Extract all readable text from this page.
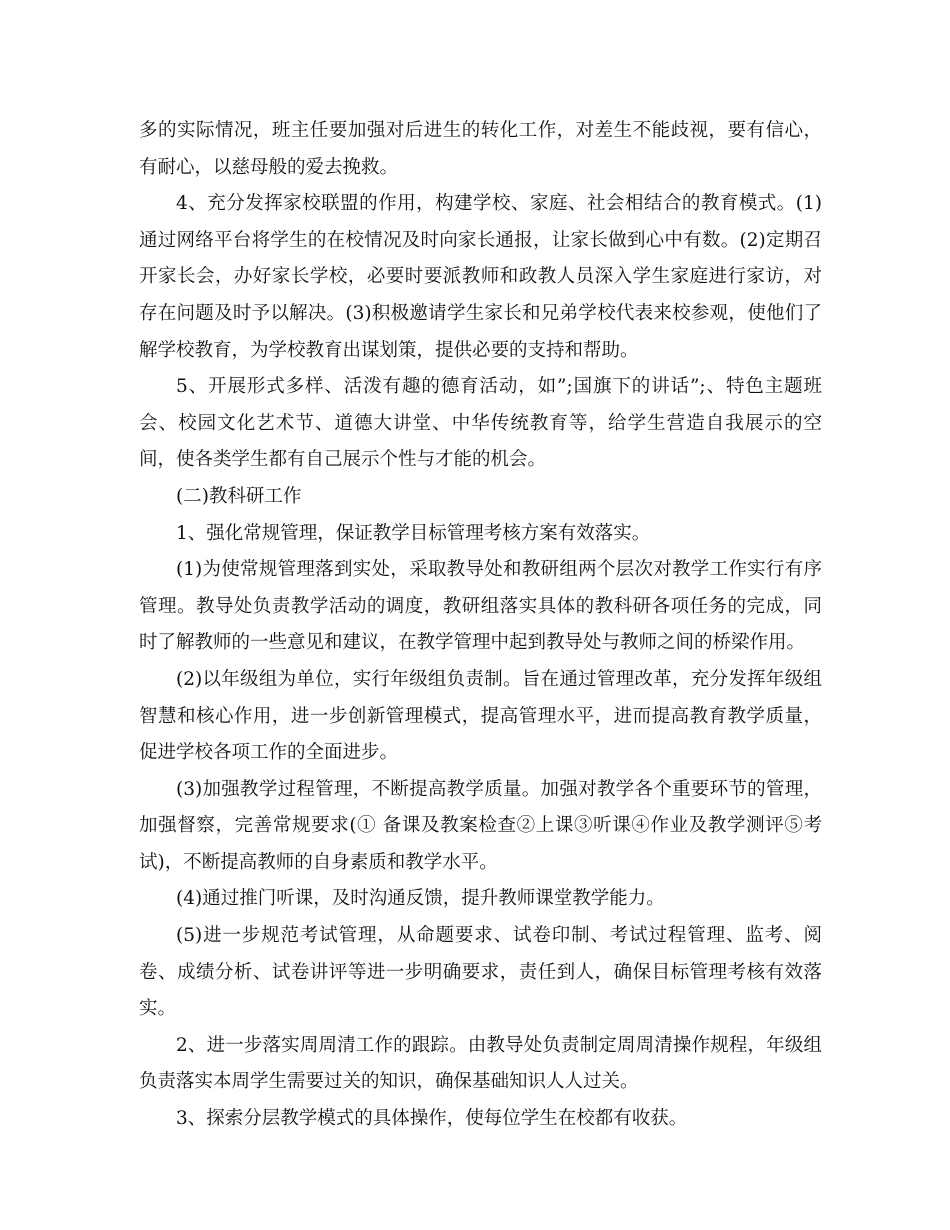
多的实际情况，班主任要加强对后进生的转化工作，对差生不能歧视，要有信心，有耐心，以慈母般的爱去挽救。

4、充分发挥家校联盟的作用，构建学校、家庭、社会相结合的教育模式。(1)通过网络平台将学生的在校情况及时向家长通报，让家长做到心中有数。(2)定期召开家长会，办好家长学校，必要时要派教师和政教人员深入学生家庭进行家访，对存在问题及时予以解决。(3)积极邀请学生家长和兄弟学校代表来校参观，使他们了解学校教育，为学校教育出谋划策，提供必要的支持和帮助。

5、开展形式多样、活泼有趣的德育活动，如”;国旗下的讲话”;、特色主题班会、校园文化艺术节、道德大讲堂、中华传统教育等，给学生营造自我展示的空间，使各类学生都有自己展示个性与才能的机会。

(二)教科研工作

1、强化常规管理，保证教学目标管理考核方案有效落实。

(1)为使常规管理落到实处，采取教导处和教研组两个层次对教学工作实行有序管理。教导处负责教学活动的调度，教研组落实具体的教科研各项任务的完成，同时了解教师的一些意见和建议，在教学管理中起到教导处与教师之间的桥梁作用。

(2)以年级组为单位，实行年级组负责制。旨在通过管理改革，充分发挥年级组智慧和核心作用，进一步创新管理模式，提高管理水平，进而提高教育教学质量，促进学校各项工作的全面进步。

(3)加强教学过程管理，不断提高教学质量。加强对教学各个重要环节的管理，加强督察，完善常规要求(① 备课及教案检查②上课③听课④作业及教学测评⑤考试)，不断提高教师的自身素质和教学水平。

(4)通过推门听课，及时沟通反馈，提升教师课堂教学能力。

(5)进一步规范考试管理，从命题要求、试卷印制、考试过程管理、监考、阅卷、成绩分析、试卷讲评等进一步明确要求，责任到人，确保目标管理考核有效落实。

2、进一步落实周周清工作的跟踪。由教导处负责制定周周清操作规程，年级组负责落实本周学生需要过关的知识，确保基础知识人人过关。

3、探索分层教学模式的具体操作，使每位学生在校都有收获。
